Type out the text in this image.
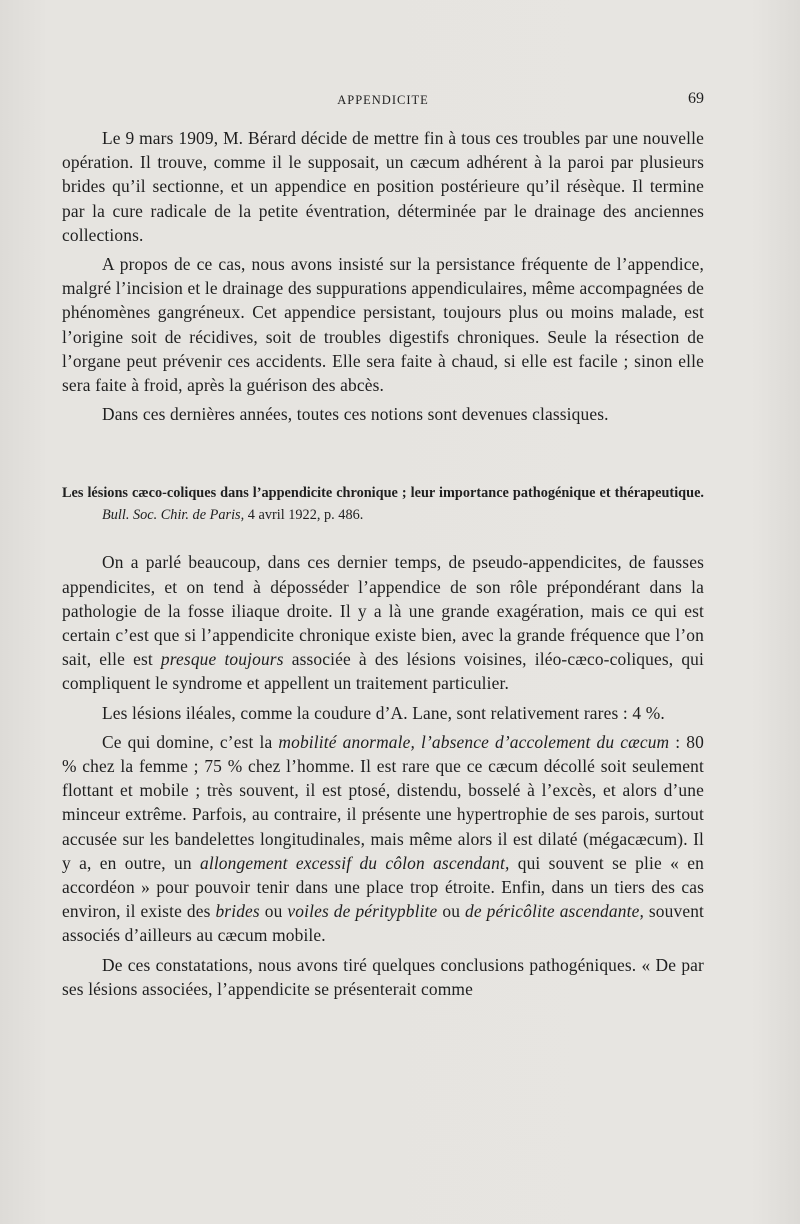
APPENDICITE	69

Le 9 mars 1909, M. Bérard décide de mettre fin à tous ces troubles par une nouvelle opération. Il trouve, comme il le supposait, un cæcum adhérent à la paroi par plusieurs brides qu’il sectionne, et un appendice en position postérieure qu’il résèque. Il termine par la cure radicale de la petite éventration, déterminée par le drainage des anciennes collections.

A propos de ce cas, nous avons insisté sur la persistance fréquente de l’appendice, malgré l’incision et le drainage des suppurations appendiculaires, même accompagnées de phénomènes gangréneux. Cet appendice persistant, toujours plus ou moins malade, est l’origine soit de récidives, soit de troubles digestifs chroniques. Seule la résection de l’organe peut prévenir ces accidents. Elle sera faite à chaud, si elle est facile ; sinon elle sera faite à froid, après la guérison des abcès.

Dans ces dernières années, toutes ces notions sont devenues classiques.

Les lésions cæco-coliques dans l’appendicite chronique ; leur importance pathogénique et thérapeutique. Bull. Soc. Chir. de Paris, 4 avril 1922, p. 486.

On a parlé beaucoup, dans ces dernier temps, de pseudo-appendicites, de fausses appendicites, et on tend à déposséder l’appendice de son rôle prépondérant dans la pathologie de la fosse iliaque droite. Il y a là une grande exagération, mais ce qui est certain c’est que si l’appendicite chronique existe bien, avec la grande fréquence que l’on sait, elle est presque toujours associée à des lésions voisines, iléo-cæco-coliques, qui compliquent le syndrome et appellent un traitement particulier.

Les lésions iléales, comme la coudure d’A. Lane, sont relativement rares : 4 %.

Ce qui domine, c’est la mobilité anormale, l’absence d’accolement du cæcum : 80 % chez la femme ; 75 % chez l’homme. Il est rare que ce cæcum décollé soit seulement flottant et mobile ; très souvent, il est ptosé, distendu, bosselé à l’excès, et alors d’une minceur extrême. Parfois, au contraire, il présente une hypertrophie de ses parois, surtout accusée sur les bandelettes longitudinales, mais même alors il est dilaté (mégacæcum). Il y a, en outre, un allongement excessif du côlon ascendant, qui souvent se plie « en accordéon » pour pouvoir tenir dans une place trop étroite. Enfin, dans un tiers des cas environ, il existe des brides ou voiles de péritypblite ou de péricôlite ascendante, souvent associés d’ailleurs au cæcum mobile.

De ces constatations, nous avons tiré quelques conclusions pathogéniques. « De par ses lésions associées, l’appendicite se présenterait comme
